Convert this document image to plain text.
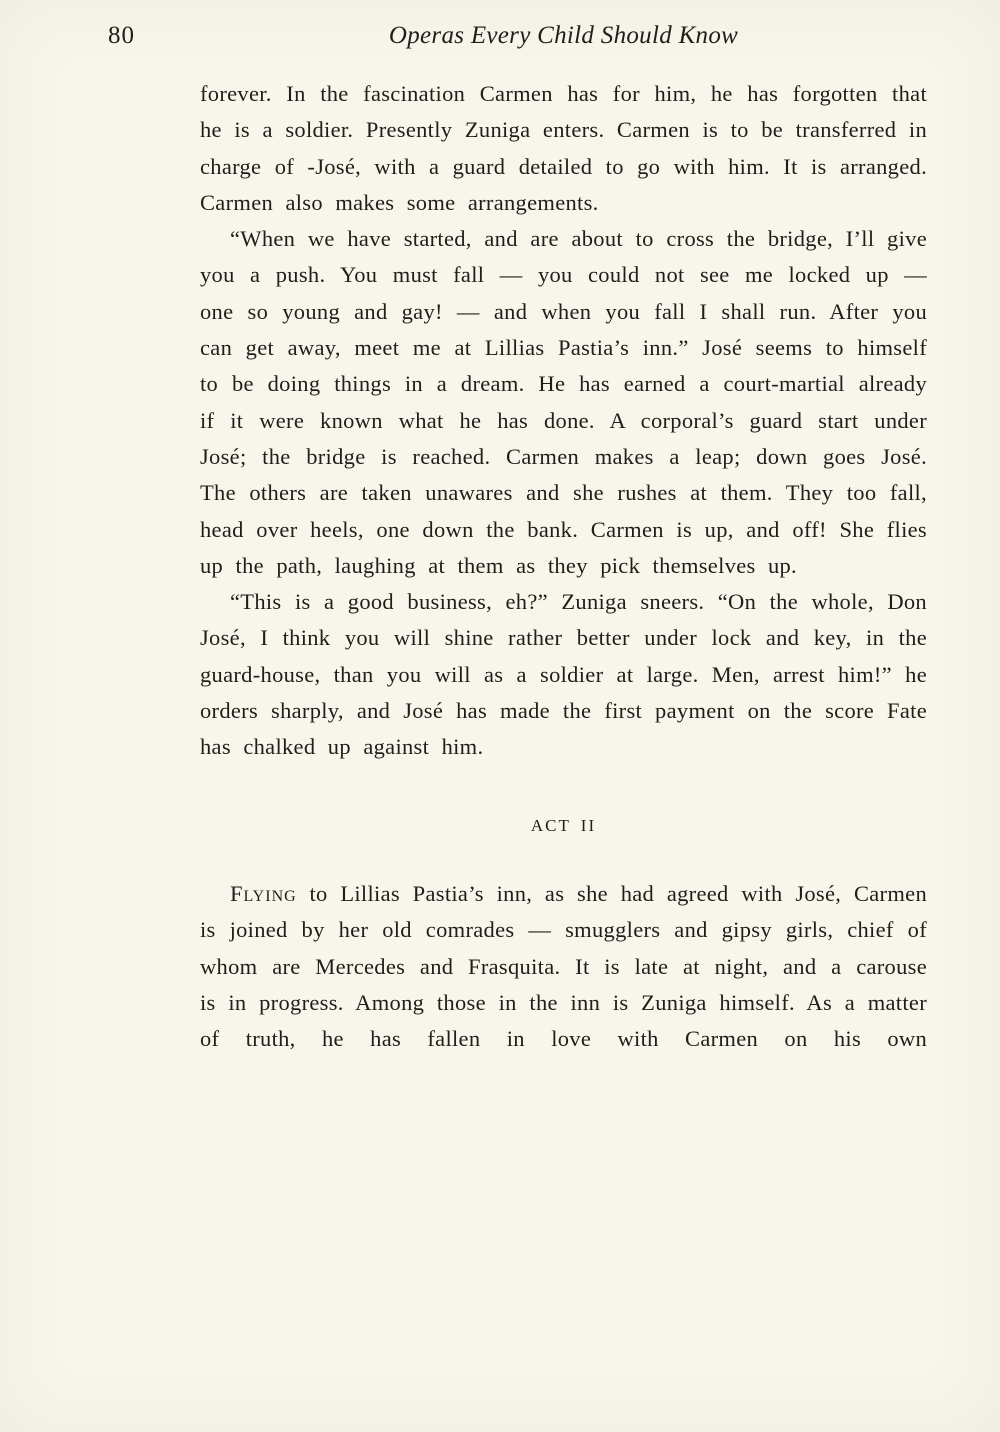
80	Operas Every Child Should Know

forever. In the fascination Carmen has for him, he has forgotten that he is a soldier. Presently Zuniga enters. Carmen is to be transferred in charge of -José, with a guard detailed to go with him. It is arranged. Carmen also makes some arrangements.

“When we have started, and are about to cross the bridge, I’ll give you a push. You must fall — you could not see me locked up — one so young and gay! — and when you fall I shall run. After you can get away, meet me at Lillias Pastia’s inn.” José seems to himself to be doing things in a dream. He has earned a court-martial already if it were known what he has done. A corporal’s guard start under José; the bridge is reached. Carmen makes a leap; down goes José. The others are taken unawares and she rushes at them. They too fall, head over heels, one down the bank. Carmen is up, and off! She flies up the path, laughing at them as they pick themselves up.

“This is a good business, eh?” Zuniga sneers. “On the whole, Don José, I think you will shine rather better under lock and key, in the guard-house, than you will as a soldier at large. Men, arrest him!” he orders sharply, and José has made the first payment on the score Fate has chalked up against him.

ACT II

Flying to Lillias Pastia’s inn, as she had agreed with José, Carmen is joined by her old comrades — smugglers and gipsy girls, chief of whom are Mercedes and Frasquita. It is late at night, and a carouse is in progress. Among those in the inn is Zuniga himself. As a matter of truth, he has fallen in love with Carmen on his own
